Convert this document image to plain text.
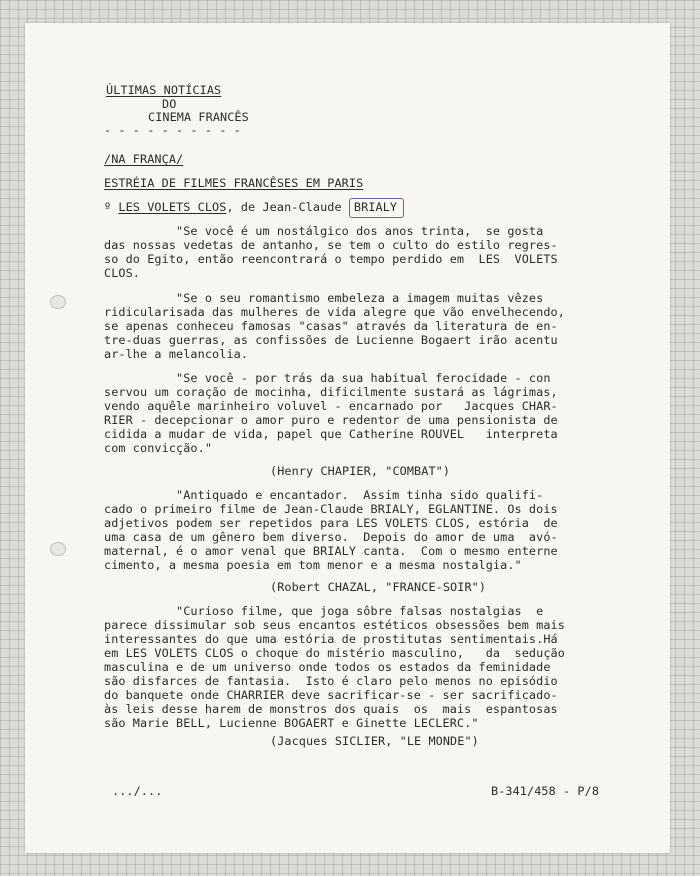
ÚLTIMAS NOTÍCIAS

DO

CINEMA FRANCÊS

- - - - - - - - - -

/NA FRANÇA/

ESTRÉIA DE FILMES FRANCÊSES EM PARIS

º LES VOLETS CLOS, de Jean-Claude BRIALY

"Se você é um nostálgico dos anos trinta,  se gosta

das nossas vedetas de antanho, se tem o culto do estilo regres-

so do Egito, então reencontrará o tempo perdido em  LES  VOLETS

CLOS.

"Se o seu romantismo embeleza a imagem muitas vêzes

ridicularisada das mulheres de vida alegre que vão envelhecendo,

se apenas conheceu famosas "casas" através da literatura de en-

tre-duas guerras, as confissões de Lucienne Bogaert irão acentu

ar-lhe a melancolia.

"Se você - por trás da sua habitual ferocidade - con

servou um coração de mocinha, dificilmente sustará as lágrimas,

vendo aquêle marinheiro voluvel - encarnado por   Jacques CHAR-

RIER - decepcionar o amor puro e redentor de uma pensionista de

cidida a mudar de vida, papel que Catherine ROUVEL   interpreta

com convicção."

(Henry CHAPIER, "COMBAT")

"Antiquado e encantador.  Assim tinha sido qualifi-

cado o primeiro filme de Jean-Claude BRIALY, EGLANTINE. Os dois

adjetivos podem ser repetidos para LES VOLETS CLOS, estória  de

uma casa de um gênero bem diverso.  Depois do amor de uma  avó-

maternal, é o amor venal que BRIALY canta.  Com o mesmo enterne

cimento, a mesma poesia em tom menor e a mesma nostalgia."

(Robert CHAZAL, "FRANCE-SOIR")

"Curioso filme, que joga sôbre falsas nostalgias  e

parece dissimular sob seus encantos estéticos obsessões bem mais

interessantes do que uma estória de prostitutas sentimentais.Há

em LES VOLETS CLOS o choque do mistério masculino,   da  sedução

masculina e de um universo onde todos os estados da feminidade

são disfarces de fantasia.  Isto é claro pelo menos no episódio

do banquete onde CHARRIER deve sacrificar-se - ser sacrificado-

às leis desse harem de monstros dos quais  os  mais  espantosas

são Marie BELL, Lucienne BOGAERT e Ginette LECLERC."

(Jacques SICLIER, "LE MONDE")

.../...	B-341/458 - P/8
